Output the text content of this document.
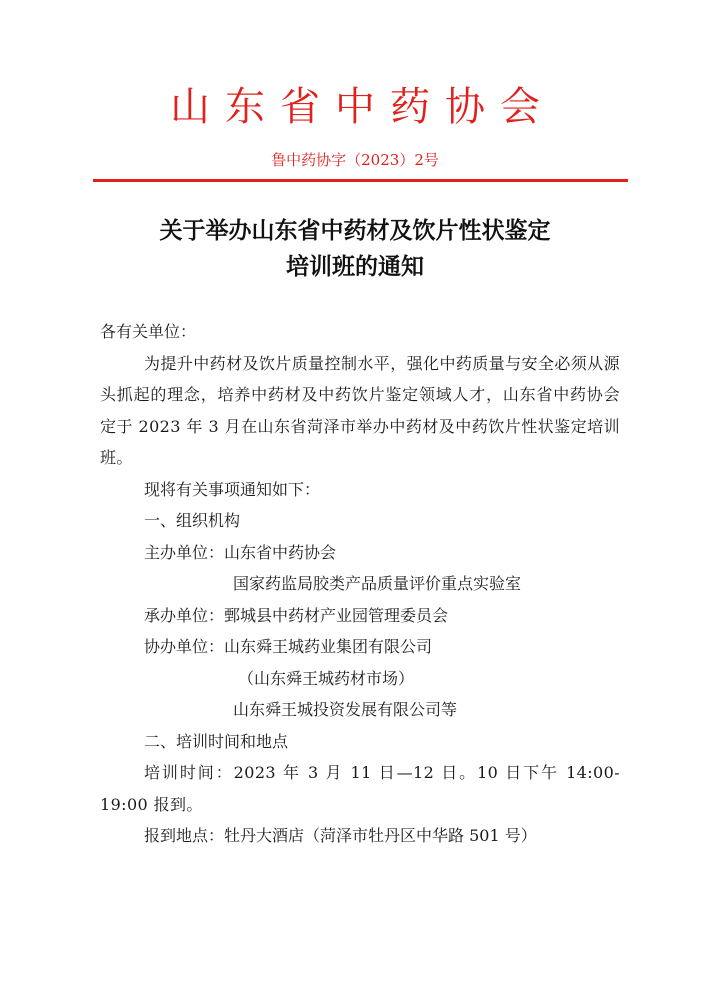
山东省中药协会
鲁中药协字（2023）2号
关于举办山东省中药材及饮片性状鉴定
培训班的通知
各有关单位：
为提升中药材及饮片质量控制水平，强化中药质量与安全必须从源头抓起的理念，培养中药材及中药饮片鉴定领域人才，山东省中药协会定于 2023 年 3 月在山东省菏泽市举办中药材及中药饮片性状鉴定培训班。
现将有关事项通知如下：
一、组织机构
主办单位： 山东省中药协会
国家药监局胶类产品质量评价重点实验室
承办单位： 鄄城县中药材产业园管理委员会
协办单位： 山东舜王城药业集团有限公司
（山东舜王城药材市场）
山东舜王城投资发展有限公司等
二、培训时间和地点
培训时间：2023 年 3 月 11 日—12 日。10 日下午 14:00-19:00 报到。
报到地点： 牡丹大酒店（菏泽市牡丹区中华路 501 号）
